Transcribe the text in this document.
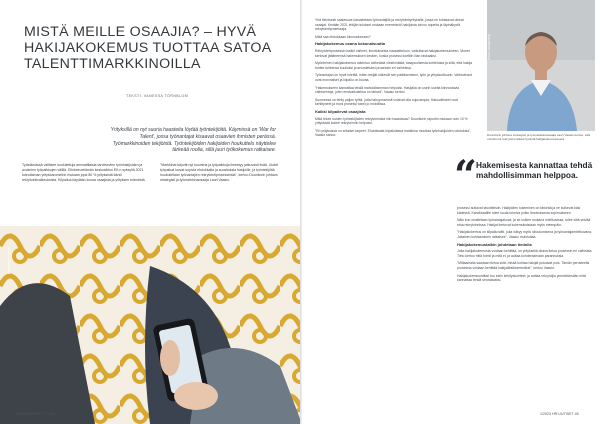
MISTÄ MEILLE OSAAJIA? – HYVÄ HAKIJAKOKEMUS TUOTTAA SATOA TALENTTIMARKKINOILLA
TEKSTI: VANESSA TÖRNBLOM
Yrityksillä on nyt suuria haasteita löytää työntekijöitä. Käymissä on 'War for Talent', jossa työnantajat kisaavat osaavien ihmisten perässä. Työmarkkinoiden tekijöistä. Työntekijöiden hakijoiden houkuttelu näyttelee tärkeää roolia, sillä juuri työkokemus ratkaisee.
Työelämässä vallitsee koulutettuja ammattilaisia tarvitsevien työnhakijoiden ja avoimien työpaikkojen välillä. Elinkeinoelämän keskusliiton EK:n syksyllä 2021 toteuttaman yritysbarometrin mukaan jopa 80 % yrityksistä kärsii rekrytointivaikeuksista. Kilpailua käydään kovaa osaajista ja yrityksen brändistä.
"Markkinat käyvät nyt kuumina ja työpaikkoja ilmestyy jatkuvasti lisää. Uudet työpaikat luovat sopivia ehdokkaita ja suosituksia hakijoille, ja työntekijöitä houkutellaan työnantajien rekrytointiprosesseista", kertoo Duunitorin johtava strategisti ja työmarkkinaosaaja Lauri Vaasio.
LEIRIKAARI · KUVA
46 HR·UUTISET 1/2023

Yhä tietoisesti saatavuus kasvatetaan työnantajille ja rekrytointiyrityksille, jossa ne kohtaavat oikeat osaajat. Kevään 2021 tekijän tulokset mukaan enemmistö hakijoista toivoo nopeita ja läpinäkyviä rekrytointiprosesseja.

Mikä saa ehdokkaan kiinnostumaan?

Hakijakokemus osana kokonaisuutta

Rekrytointiprosessin kaikki vaiheet, ilmoituksesta haastatteluun, vaikuttavat hakijakokemukseen. Monet kertovat jättäneensä hakemuksen kesken, koska prosessi koettiin liian raskaaksi.

Myönteinen hakijakokemus rakentuu selkeästä viestinnästä, tasapuolisesta kohtelusta ja siitä, että hakija tuntee tulleensa kuulluksi ja arvostetuksi prosessin eri vaiheissa.

Työnantajan on hyvä miettiä, miten tekijät näkevät sen palkitsemisen, työn ja yrityskulttuurin. Vaihtoehdot ovat moninaiset ja kilpailu on kovaa.

"Hakemukseen kannattaa tehdä mahdollisimman helpoksi. Hakijalla on usein useita kiinnostavia vaihtoehtoja, joten ensivaikutelma on tärkeä", Vaasio kertoo.

Suomessa on tehty paljon työtä, jotta hakuprosessit voisivat olla sujuvampia. Hakuvälineet ovat kehittyneet ja moni prosessi toimii jo mobiilissa.

Kaikki kilpailevat osaajista

Mikä tekee uusien työntekijöiden rekrytoinnista niin haastavaa? Duunitorin raportin mukaan noin 10 % yrityksistä kokee rekrytoinnin helpoksi.

"Eri yrityksissä on erilaiset tarpeet. Ehdokkaita kilpailuttava markkina muuttaa työnhakijoiden odotuksia", Vaasio sanoo.

KUVA: DUUNITORI
Duunitorin johtava strategisti ja työmarkkinaosaaja Lauri Vaasio kertoo, että onnistunut rekrytointi alkaa hyvästä hakijakokemuksesta.
“
Hakemisesta kannattaa tehdä mahdollisimman helppoa.

prosessi auttavat tavoitteisiin. Hakijoiden tukeminen on tärkeää ja ne kulkevat käsi kädessä. Kandidaatille tulee luoda toimiva polku ilmoituksesta sopimukseen.

Näin kun oivalletaan työnantajakuva, ja se kulkee mukana mielikuvissa, tulee siitä selvää etua rekrytoinnissa. Hakijat kertovat kokemuksistaan myös eteenpäin.

"Hakijakokemus on kilpailuvaltti, joka näkyy myös sitoutumisena ja työnantajamielikuvana. Jokainen kohtaaminen ratkaisee", Vaasio muistuttaa.

Hakijakokemustaikin johdetaan tiedolla

Jotta hakijakokemusta voidaan kehittää, on yrityksellä oltava tietoa prosessin eri vaiheista. Tieto kertoo mitä toimii ja mitä ei, ja auttaa kohdentamaan parannuksia.

"Mittaamalla saadaan tietoa siitä, missä kohtaa hakijat putoavat pois. Tämän perusteella prosessia voidaan kehittää hakijalähtöisemmäksi", kertoo Vaasio.

Hakijakokemusmittari tuo esiin kehityskohteet, ja auttaa rekrytoijia ymmärtämään mitä kannattaa tehdä seuraavaksi.

1/2023 HR·UUTISET 45
